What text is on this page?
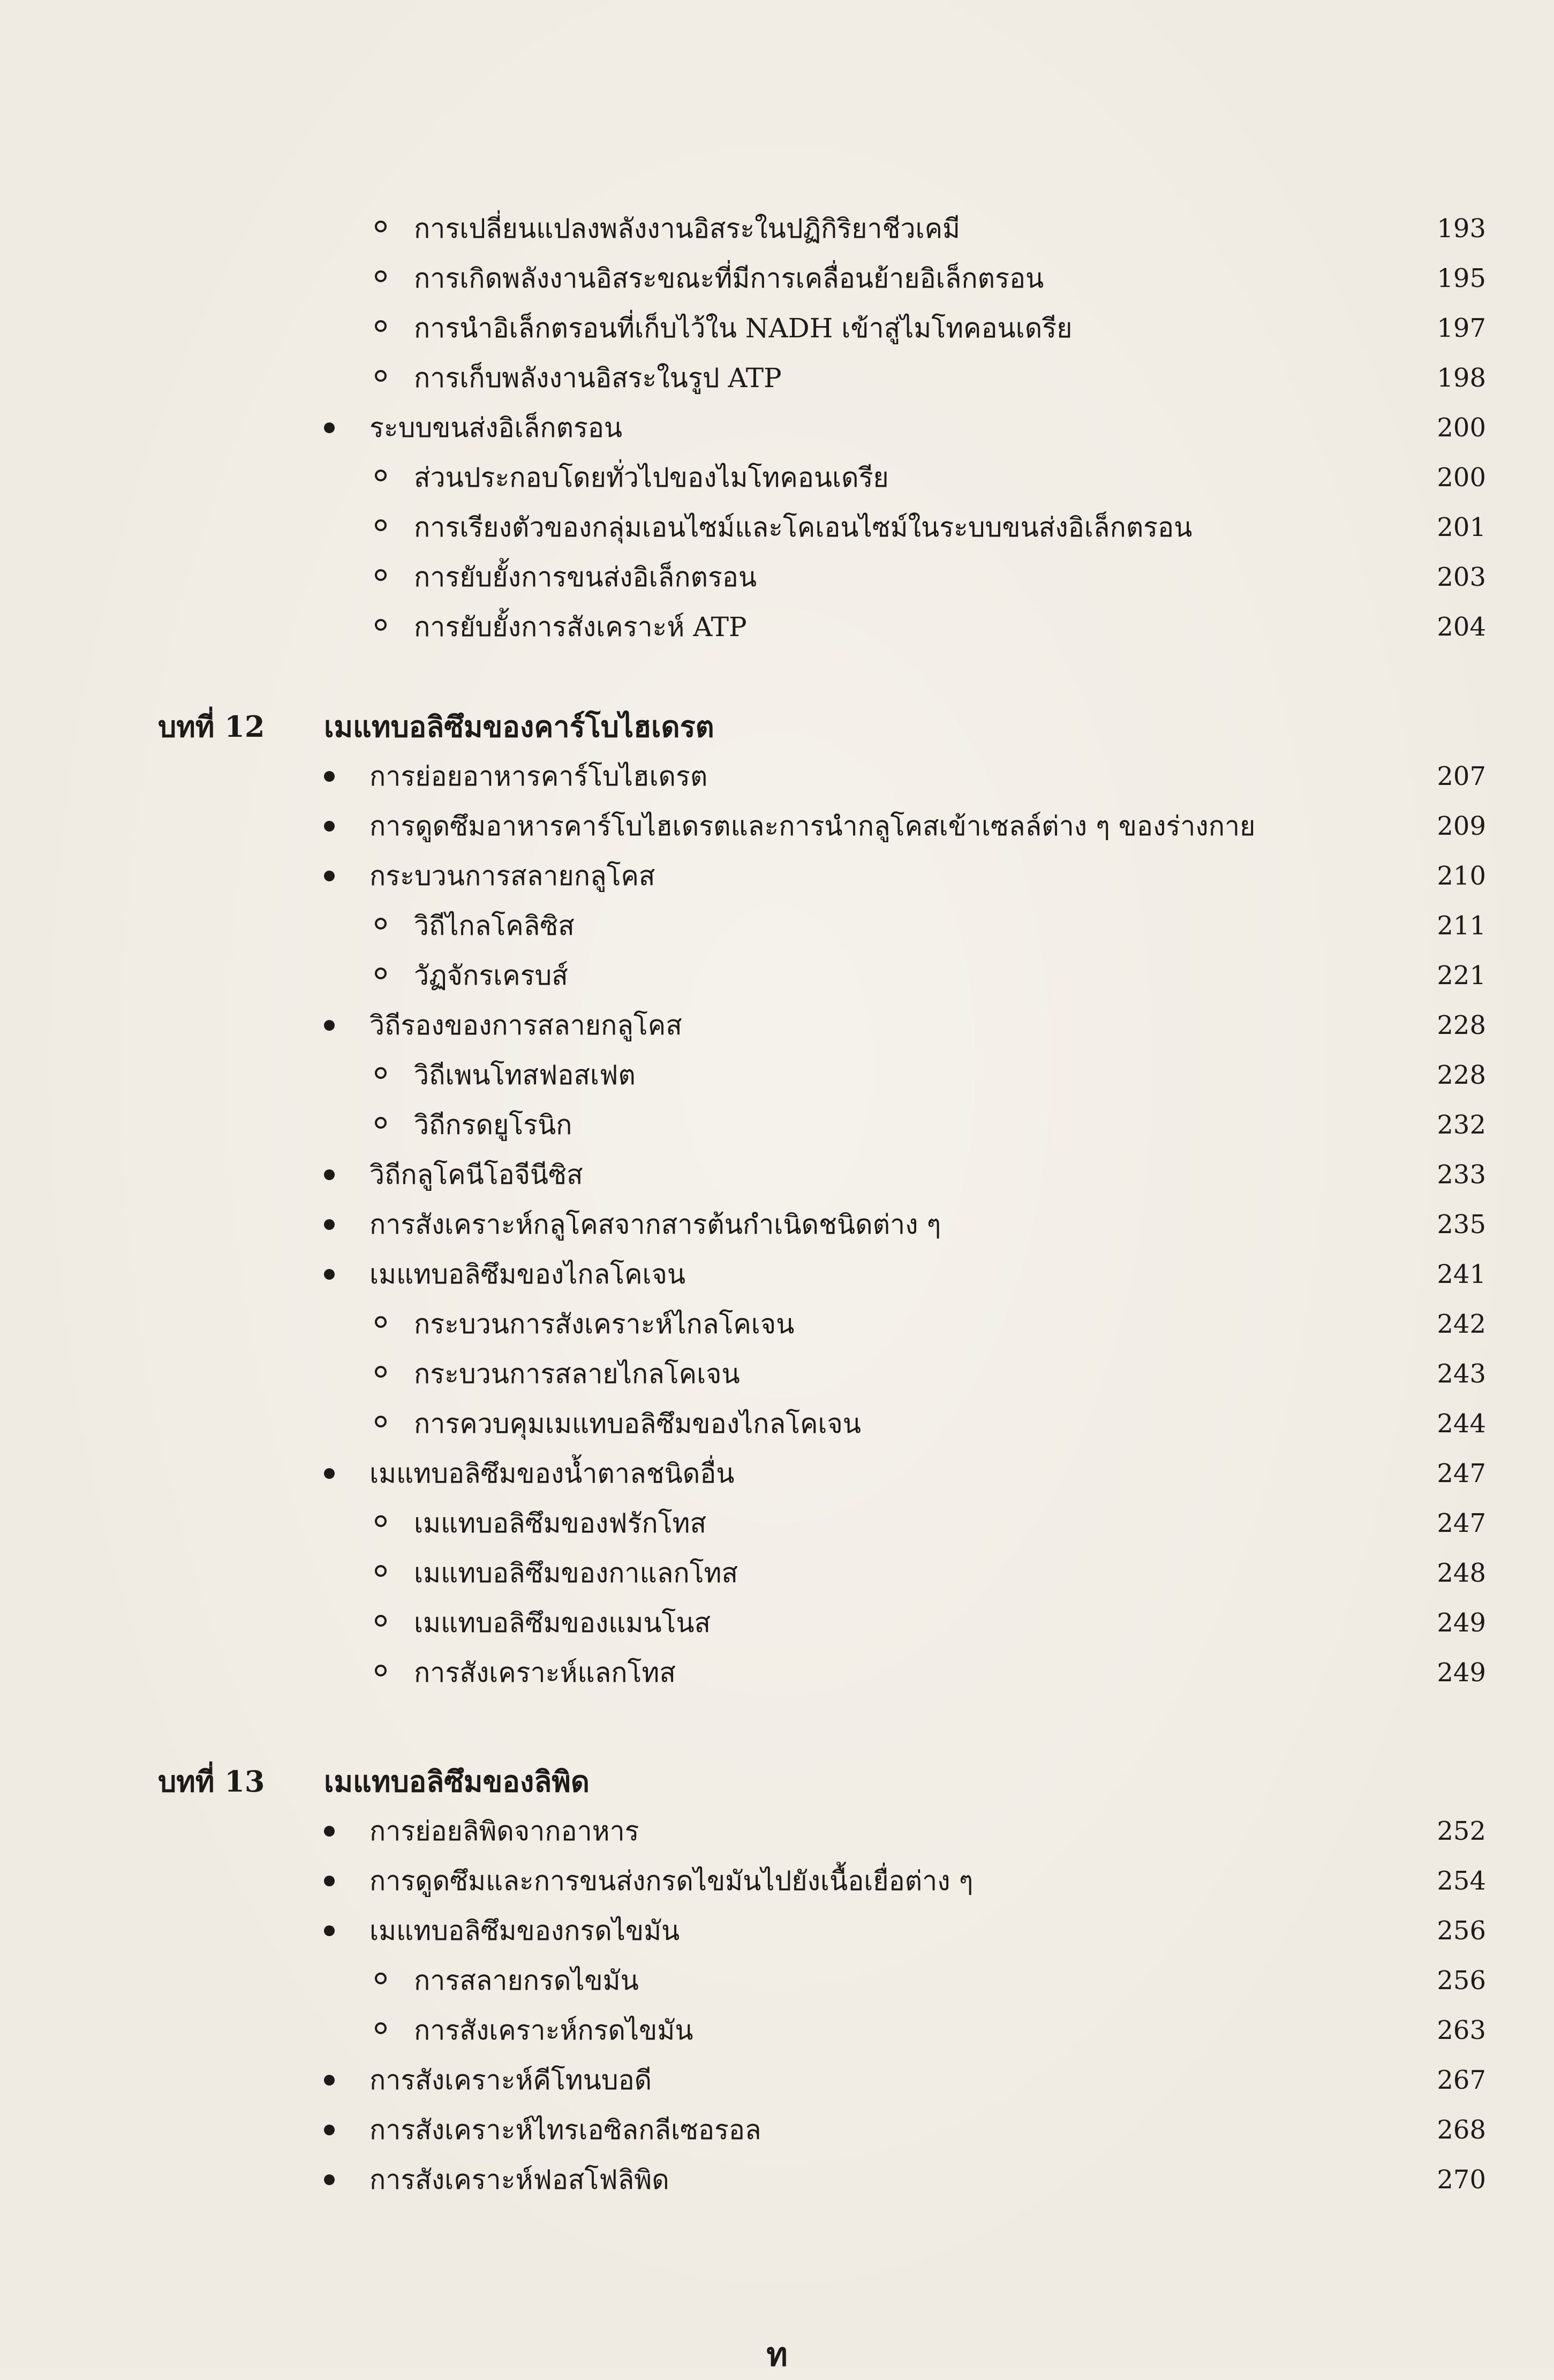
การเปลี่ยนแปลงพลังงานอิสระในปฏิกิริยาชีวเคมี	193
การเกิดพลังงานอิสระขณะที่มีการเคลื่อนย้ายอิเล็กตรอน	195
การนำอิเล็กตรอนที่เก็บไว้ใน NADH เข้าสู่ไมโทคอนเดรีย	197
การเก็บพลังงานอิสระในรูป ATP	198
ระบบขนส่งอิเล็กตรอน	200
ส่วนประกอบโดยทั่วไปของไมโทคอนเดรีย	200
การเรียงตัวของกลุ่มเอนไซม์และโคเอนไซม์ในระบบขนส่งอิเล็กตรอน	201
การยับยั้งการขนส่งอิเล็กตรอน	203
การยับยั้งการสังเคราะห์ ATP	204
บทที่ 12 เมแทบอลิซึมของคาร์โบไฮเดรต
การย่อยอาหารคาร์โบไฮเดรต	207
การดูดซึมอาหารคาร์โบไฮเดรตและการนำกลูโคสเข้าเซลล์ต่าง ๆ ของร่างกาย	209
กระบวนการสลายกลูโคส	210
วิถีไกลโคลิซิส	211
วัฏจักรเครบส์	221
วิถีรองของการสลายกลูโคส	228
วิถีเพนโทสฟอสเฟต	228
วิถีกรดยูโรนิก	232
วิถีกลูโคนีโอจีนีซิส	233
การสังเคราะห์กลูโคสจากสารต้นกำเนิดชนิดต่าง ๆ	235
เมแทบอลิซึมของไกลโคเจน	241
กระบวนการสังเคราะห์ไกลโคเจน	242
กระบวนการสลายไกลโคเจน	243
การควบคุมเมแทบอลิซึมของไกลโคเจน	244
เมแทบอลิซึมของน้ำตาลชนิดอื่น	247
เมแทบอลิซึมของฟรักโทส	247
เมแทบอลิซึมของกาแลกโทส	248
เมแทบอลิซึมของแมนโนส	249
การสังเคราะห์แลกโทส	249
บทที่ 13 เมแทบอลิซึมของลิพิด
การย่อยลิพิดจากอาหาร	252
การดูดซึมและการขนส่งกรดไขมันไปยังเนื้อเยื่อต่าง ๆ	254
เมแทบอลิซึมของกรดไขมัน	256
การสลายกรดไขมัน	256
การสังเคราะห์กรดไขมัน	263
การสังเคราะห์คีโทนบอดี	267
การสังเคราะห์ไทรเอซิลกลีเซอรอล	268
การสังเคราะห์ฟอสโฟลิพิด	270
ท
